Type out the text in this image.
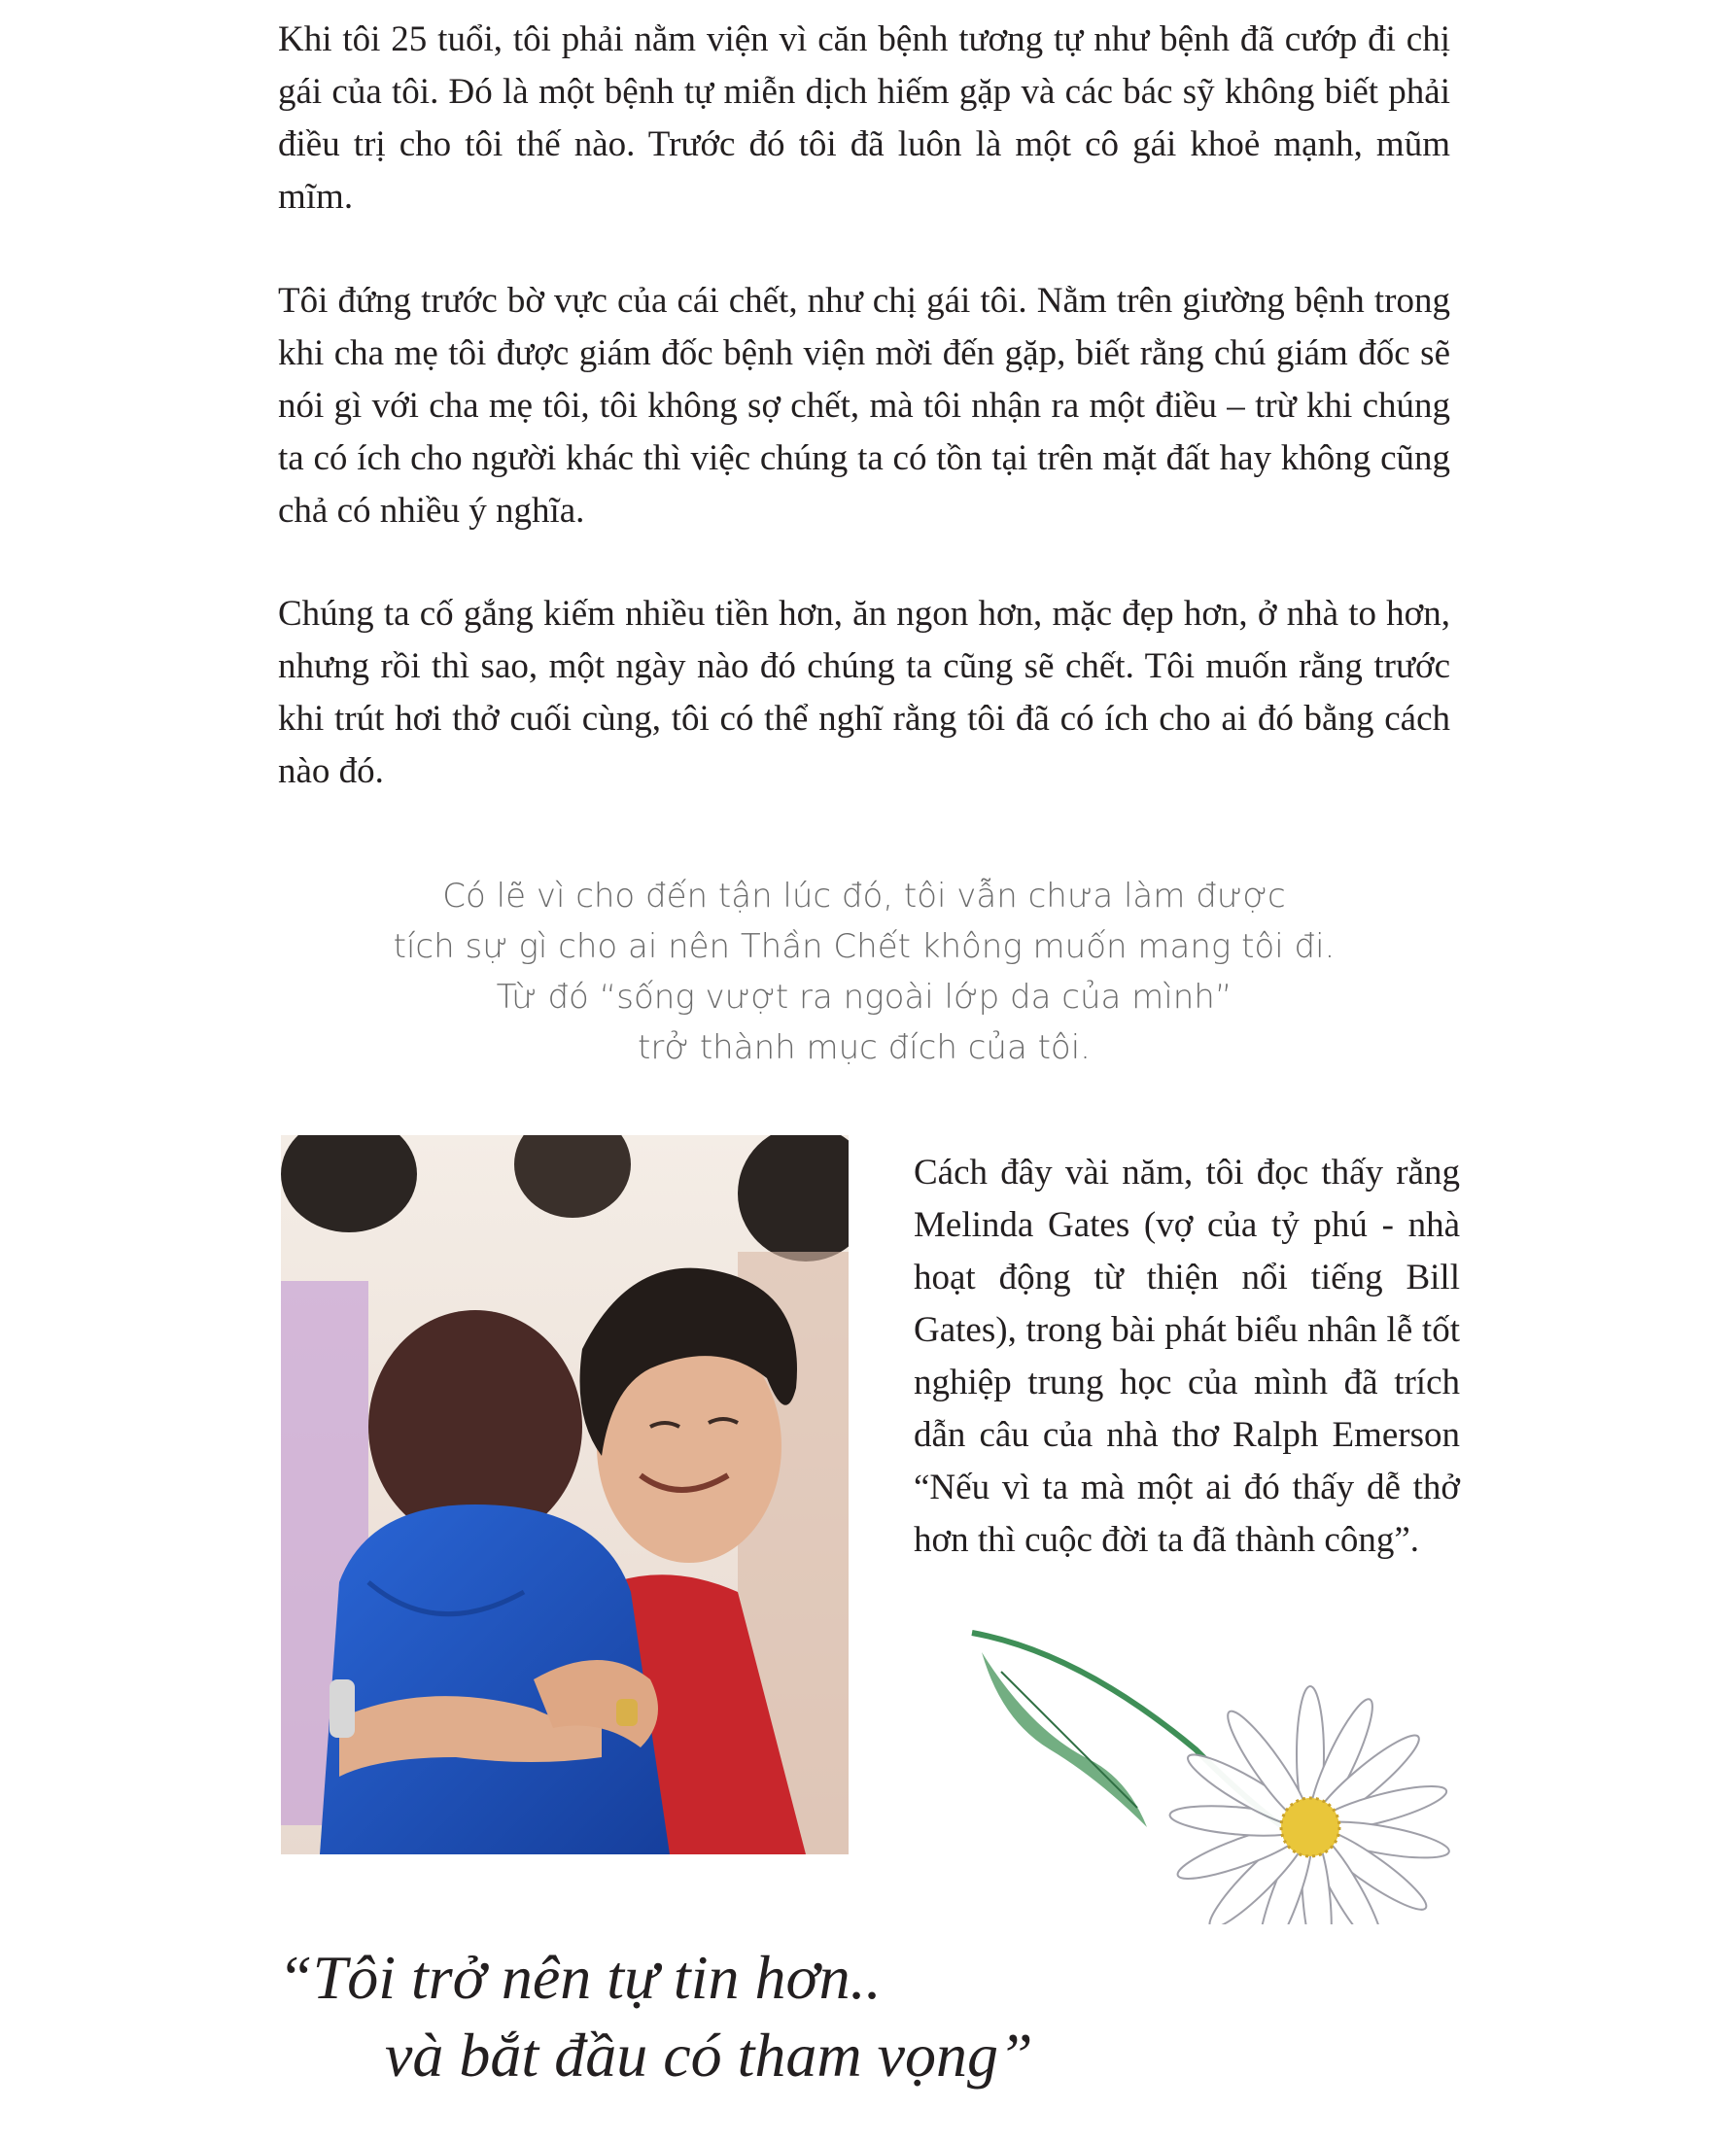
Khi tôi 25 tuổi, tôi phải nằm viện vì căn bệnh tương tự như bệnh đã cướp đi chị gái của tôi. Đó là một bệnh tự miễn dịch hiếm gặp và các bác sỹ không biết phải điều trị cho tôi thế nào. Trước đó tôi đã luôn là một cô gái khoẻ mạnh, mũm mĩm.

Tôi đứng trước bờ vực của cái chết, như chị gái tôi. Nằm trên giường bệnh trong khi cha mẹ tôi được giám đốc bệnh viện mời đến gặp, biết rằng chú giám đốc sẽ nói gì với cha mẹ tôi, tôi không sợ chết, mà tôi nhận ra một điều – trừ khi chúng ta có ích cho người khác thì việc chúng ta có tồn tại trên mặt đất hay không cũng chả có nhiều ý nghĩa.

Chúng ta cố gắng kiếm nhiều tiền hơn, ăn ngon hơn, mặc đẹp hơn, ở nhà to hơn, nhưng rồi thì sao, một ngày nào đó chúng ta cũng sẽ chết. Tôi muốn rằng trước khi trút hơi thở cuối cùng, tôi có thể nghĩ rằng tôi đã có ích cho ai đó bằng cách nào đó.

Có lẽ vì cho đến tận lúc đó, tôi vẫn chưa làm được
tích sự gì cho ai nên Thần Chết không muốn mang tôi đi.
Từ đó “sống vượt ra ngoài lớp da của mình”
trở thành mục đích của tôi.

Cách đây vài năm, tôi đọc thấy rằng Melinda Gates (vợ của tỷ phú - nhà hoạt động từ thiện nổi tiếng Bill Gates), trong bài phát biểu nhân lễ tốt nghiệp trung học của mình đã trích dẫn câu của nhà thơ Ralph Emerson “Nếu vì ta mà một ai đó thấy dễ thở hơn thì cuộc đời ta đã thành công”.

“Tôi trở nên tự tin hơn..
và bắt đầu có tham vọng”
